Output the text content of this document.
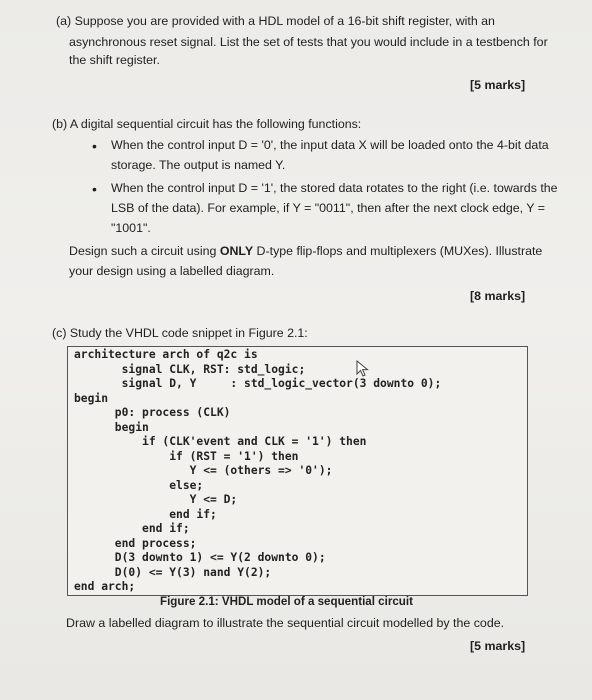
(a) Suppose you are provided with a HDL model of a 16-bit shift register, with an
asynchronous reset signal. List the set of tests that you would include in a testbench for
the shift register.
[5 marks]
(b) A digital sequential circuit has the following functions:
• When the control input D = '0', the input data X will be loaded onto the 4-bit data
storage. The output is named Y.
• When the control input D = '1', the stored data rotates to the right (i.e. towards the
LSB of the data). For example, if Y = "0011", then after the next clock edge, Y =
"1001".
Design such a circuit using ONLY D-type flip-flops and multiplexers (MUXes). Illustrate
your design using a labelled diagram.
[8 marks]
(c) Study the VHDL code snippet in Figure 2.1:
architecture arch of q2c is
signal CLK, RST: std_logic;
signal D, Y     : std_logic_vector(3 downto 0);
begin
p0: process (CLK)
begin
if (CLK'event and CLK = '1') then
if (RST = '1') then
Y <= (others => '0');
else;
Y <= D;
end if;
end if;
end process;
D(3 downto 1) <= Y(2 downto 0);
D(0) <= Y(3) nand Y(2);
end arch;
Figure 2.1: VHDL model of a sequential circuit
Draw a labelled diagram to illustrate the sequential circuit modelled by the code.
[5 marks]
